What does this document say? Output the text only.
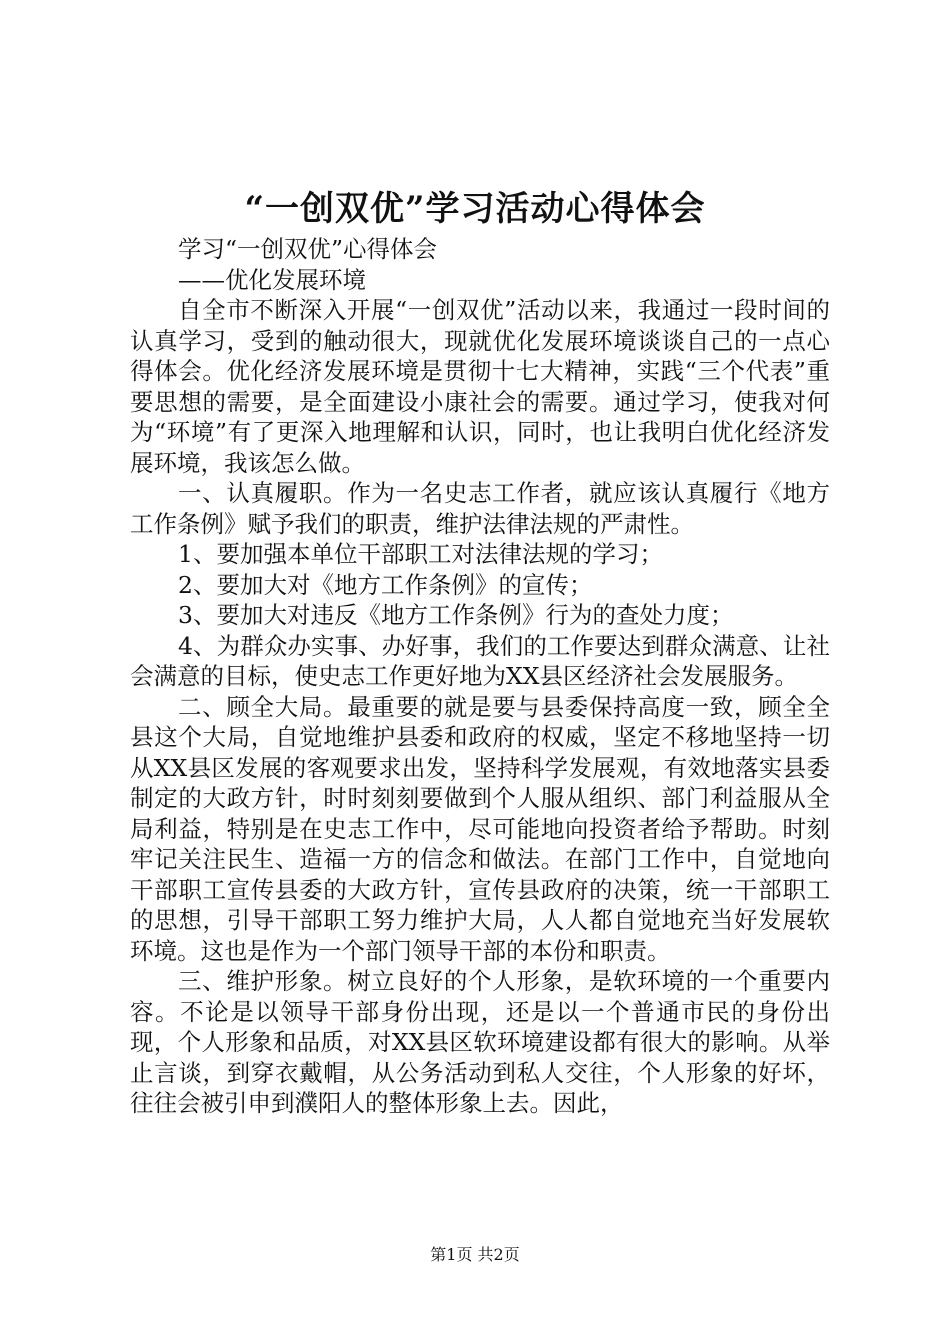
“一创双优”学习活动心得体会

学习“一创双优”心得体会

——优化发展环境

自全市不断深入开展“一创双优”活动以来，我通过一段时间的认真学习，受到的触动很大，现就优化发展环境谈谈自己的一点心得体会。优化经济发展环境是贯彻十七大精神，实践“三个代表”重要思想的需要，是全面建设小康社会的需要。通过学习，使我对何为“环境”有了更深入地理解和认识，同时，也让我明白优化经济发展环境，我该怎么做。

一、认真履职。作为一名史志工作者，就应该认真履行《地方工作条例》赋予我们的职责，维护法律法规的严肃性。

1、要加强本单位干部职工对法律法规的学习；

2、要加大对《地方工作条例》的宣传；

3、要加大对违反《地方工作条例》行为的查处力度；

4、为群众办实事、办好事，我们的工作要达到群众满意、让社会满意的目标，使史志工作更好地为XX县区经济社会发展服务。

二、顾全大局。最重要的就是要与县委保持高度一致，顾全全县这个大局，自觉地维护县委和政府的权威，坚定不移地坚持一切从XX县区发展的客观要求出发，坚持科学发展观，有效地落实县委制定的大政方针，时时刻刻要做到个人服从组织、部门利益服从全局利益，特别是在史志工作中，尽可能地向投资者给予帮助。时刻牢记关注民生、造福一方的信念和做法。在部门工作中，自觉地向干部职工宣传县委的大政方针，宣传县政府的决策，统一干部职工的思想，引导干部职工努力维护大局，人人都自觉地充当好发展软环境。这也是作为一个部门领导干部的本份和职责。

三、维护形象。树立良好的个人形象，是软环境的一个重要内容。不论是以领导干部身份出现，还是以一个普通市民的身份出现，个人形象和品质，对XX县区软环境建设都有很大的影响。从举止言谈，到穿衣戴帽，从公务活动到私人交往，个人形象的好坏，往往会被引申到濮阳人的整体形象上去。因此，

第1页 共2页
